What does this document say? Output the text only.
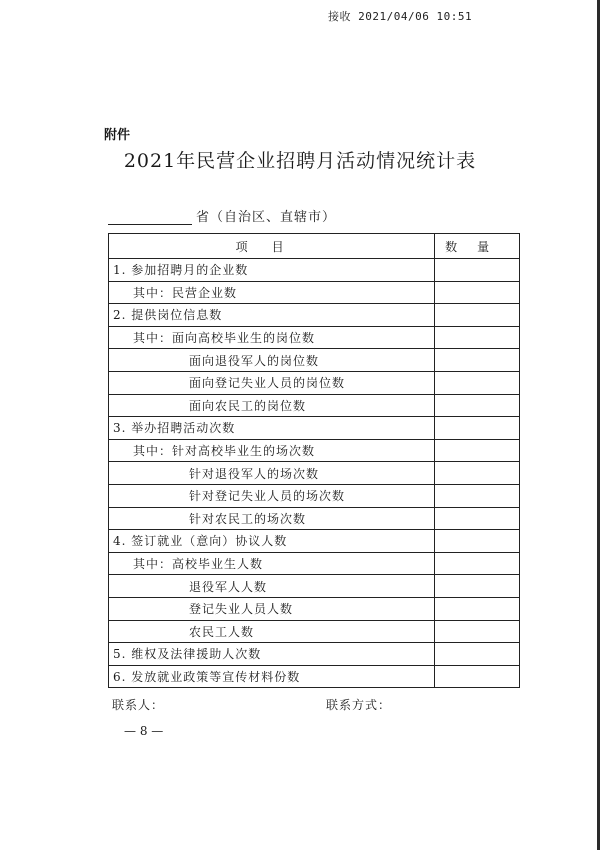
接收 2021/04/06 10:51
附件
2021年民营企业招聘月活动情况统计表
省（自治区、直辖市）
项目	数量
1. 参加招聘月的企业数	
其中：民营企业数	
2. 提供岗位信息数	
其中：面向高校毕业生的岗位数	
面向退役军人的岗位数	
面向登记失业人员的岗位数	
面向农民工的岗位数	
3. 举办招聘活动次数	
其中：针对高校毕业生的场次数	
针对退役军人的场次数	
针对登记失业人员的场次数	
针对农民工的场次数	
4. 签订就业（意向）协议人数	
其中：高校毕业生人数	
退役军人人数	
登记失业人员人数	
农民工人数	
5. 维权及法律援助人次数	
6. 发放就业政策等宣传材料份数	
联系人：	联系方式：
— 8 —
